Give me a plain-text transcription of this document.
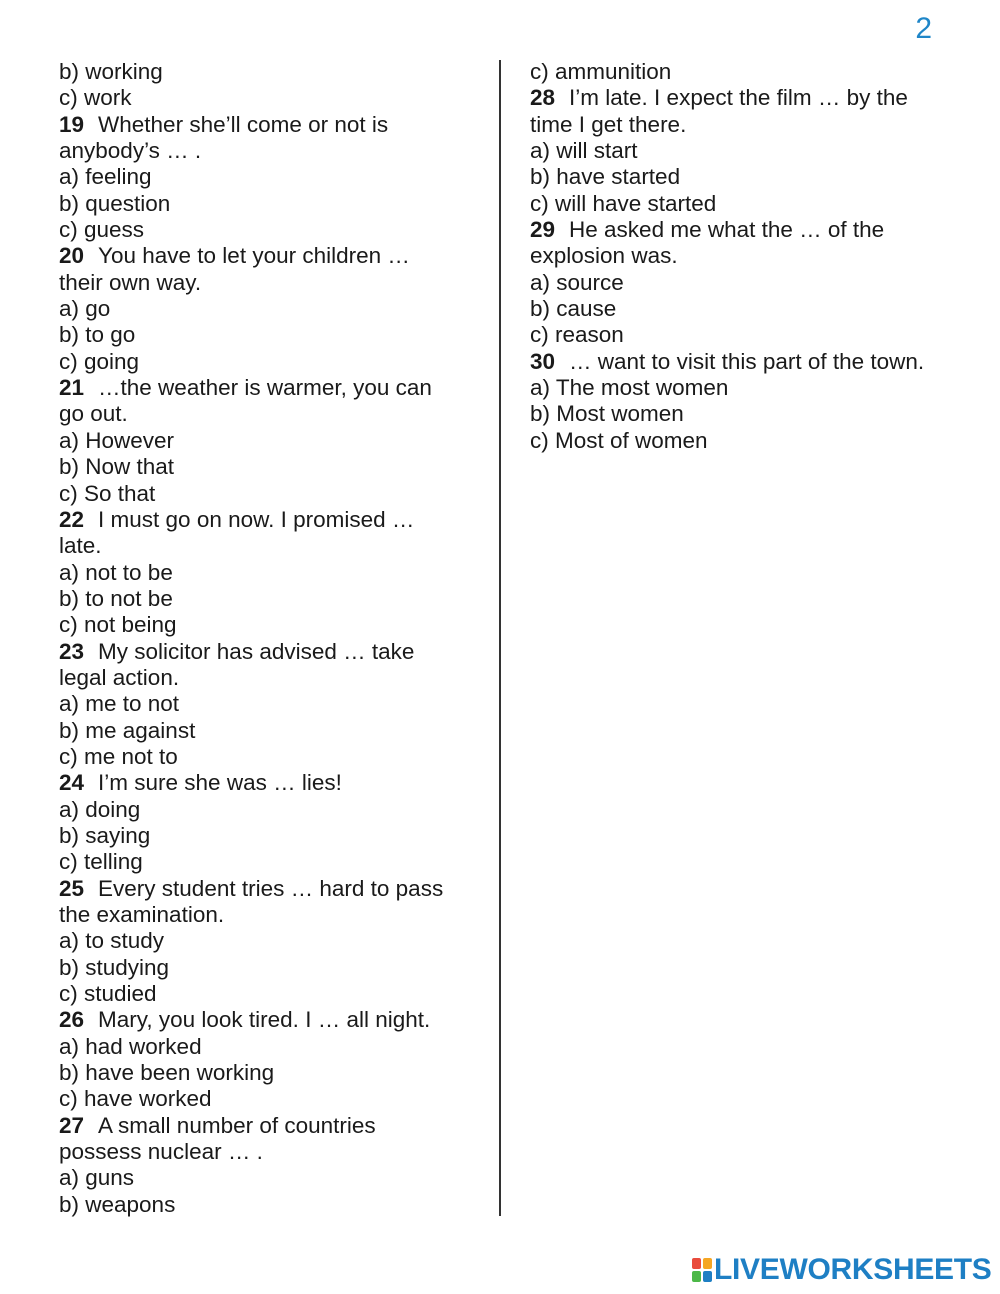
2
b) working
c) work
19 Whether she’ll come or not is
anybody’s … .
a) feeling
b) question
c) guess
20 You have to let your children …
their own way.
a) go
b) to go
c) going
21 …the weather is warmer, you can
go out.
a) However
b) Now that
c) So that
22 I must go on now. I promised …
late.
a) not to be
b) to not be
c) not being
23 My solicitor has advised … take
legal action.
a) me to not
b) me against
c) me not to
24 I’m sure she was … lies!
a) doing
b) saying
c) telling
25 Every student tries … hard to pass
the examination.
a) to study
b) studying
c) studied
26 Mary, you look tired. I … all night.
a) had worked
b) have been working
c) have worked
27 A small number of countries
possess nuclear … .
a) guns
b) weapons
c) ammunition
28 I’m late. I expect the film … by the
time I get there.
a) will start
b) have started
c) will have started
29 He asked me what the … of the
explosion was.
a) source
b) cause
c) reason
30 … want to visit this part of the town.
a) The most women
b) Most women
c) Most of women
LIVEWORKSHEETS
